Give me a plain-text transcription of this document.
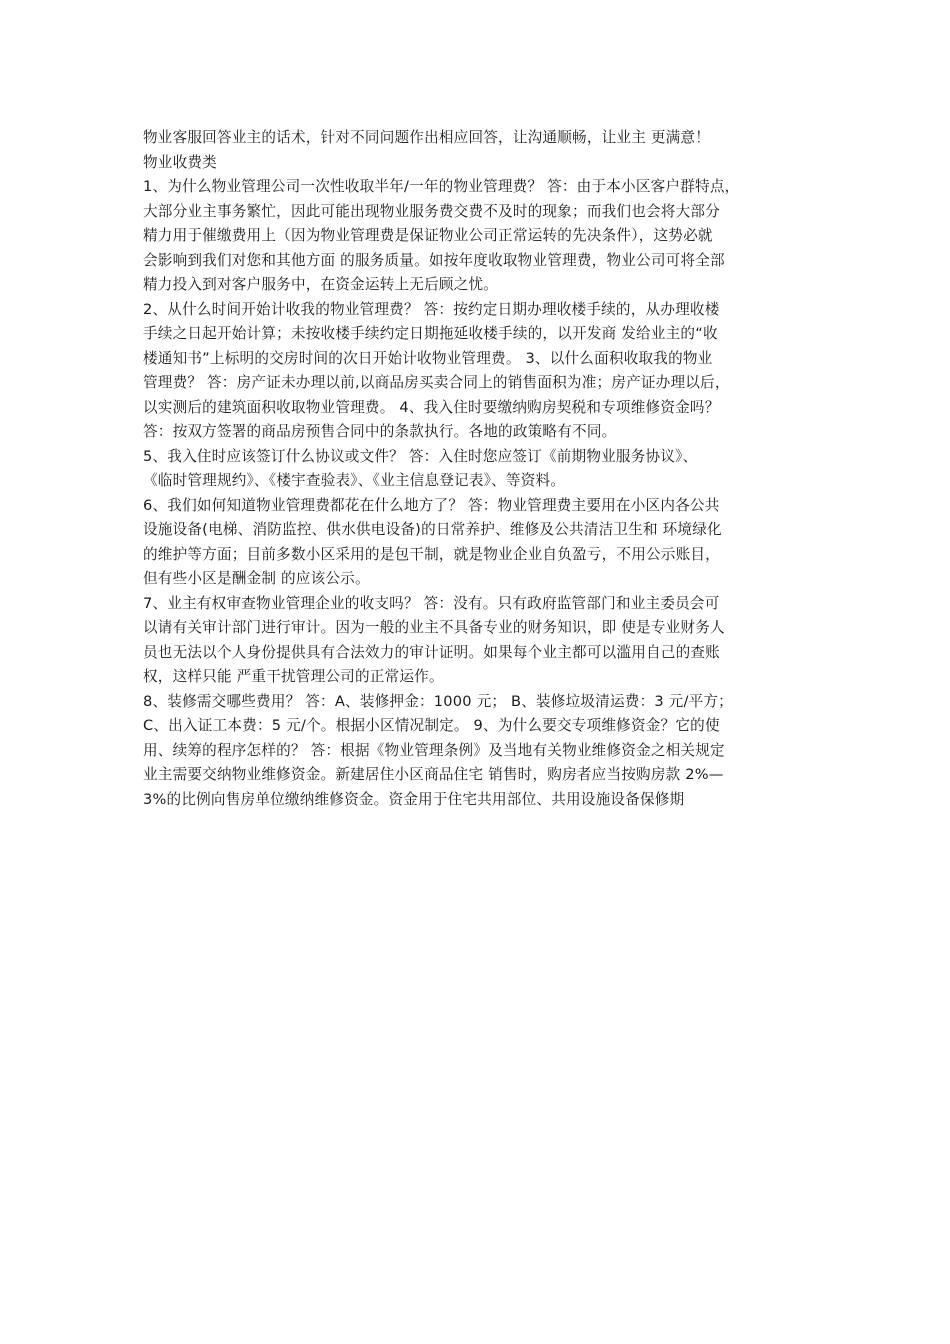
物业客服回答业主的话术，针对不同问题作出相应回答，让沟通顺畅，让业主 更满意！
物业收费类
1、为什么物业管理公司一次性收取半年/一年的物业管理费？ 答：由于本小区客户群特点，
大部分业主事务繁忙，因此可能出现物业服务费交费不及时的现象；而我们也会将大部分
精力用于催缴费用上（因为物业管理费是保证物业公司正常运转的先决条件），这势必就
会影响到我们对您和其他方面 的服务质量。如按年度收取物业管理费，物业公司可将全部
精力投入到对客户服务中，在资金运转上无后顾之忧。
2、从什么时间开始计收我的物业管理费？ 答：按约定日期办理收楼手续的，从办理收楼
手续之日起开始计算；未按收楼手续约定日期拖延收楼手续的，以开发商 发给业主的“收
楼通知书”上标明的交房时间的次日开始计收物业管理费。 3、以什么面积收取我的物业
管理费？ 答：房产证未办理以前,以商品房买卖合同上的销售面积为准；房产证办理以后，
以实测后的建筑面积收取物业管理费。 4、我入住时要缴纳购房契税和专项维修资金吗？
答：按双方签署的商品房预售合同中的条款执行。各地的政策略有不同。
5、我入住时应该签订什么协议或文件？ 答：入住时您应签订《前期物业服务协议》、
《临时管理规约》、《楼宇查验表》、《业主信息登记表》、等资料。
6、我们如何知道物业管理费都花在什么地方了？ 答：物业管理费主要用在小区内各公共
设施设备(电梯、消防监控、供水供电设备)的日常养护、维修及公共清洁卫生和 环境绿化
的维护等方面；目前多数小区采用的是包干制，就是物业企业自负盈亏，不用公示账目，
但有些小区是酬金制 的应该公示。
7、业主有权审查物业管理企业的收支吗？ 答：没有。只有政府监管部门和业主委员会可
以请有关审计部门进行审计。因为一般的业主不具备专业的财务知识，即 使是专业财务人
员也无法以个人身份提供具有合法效力的审计证明。如果每个业主都可以滥用自己的查账
权，这样只能 严重干扰管理公司的正常运作。
8、装修需交哪些费用？ 答：A、装修押金：1000 元； B、装修垃圾清运费：3 元/平方；
C、出入证工本费：5 元/个。根据小区情况制定。 9、为什么要交专项维修资金？它的使
用、续筹的程序怎样的？ 答：根据《物业管理条例》及当地有关物业维修资金之相关规定
业主需要交纳物业维修资金。新建居住小区商品住宅 销售时，购房者应当按购房款 2%—
3%的比例向售房单位缴纳维修资金。资金用于住宅共用部位、共用设施设备保修期
